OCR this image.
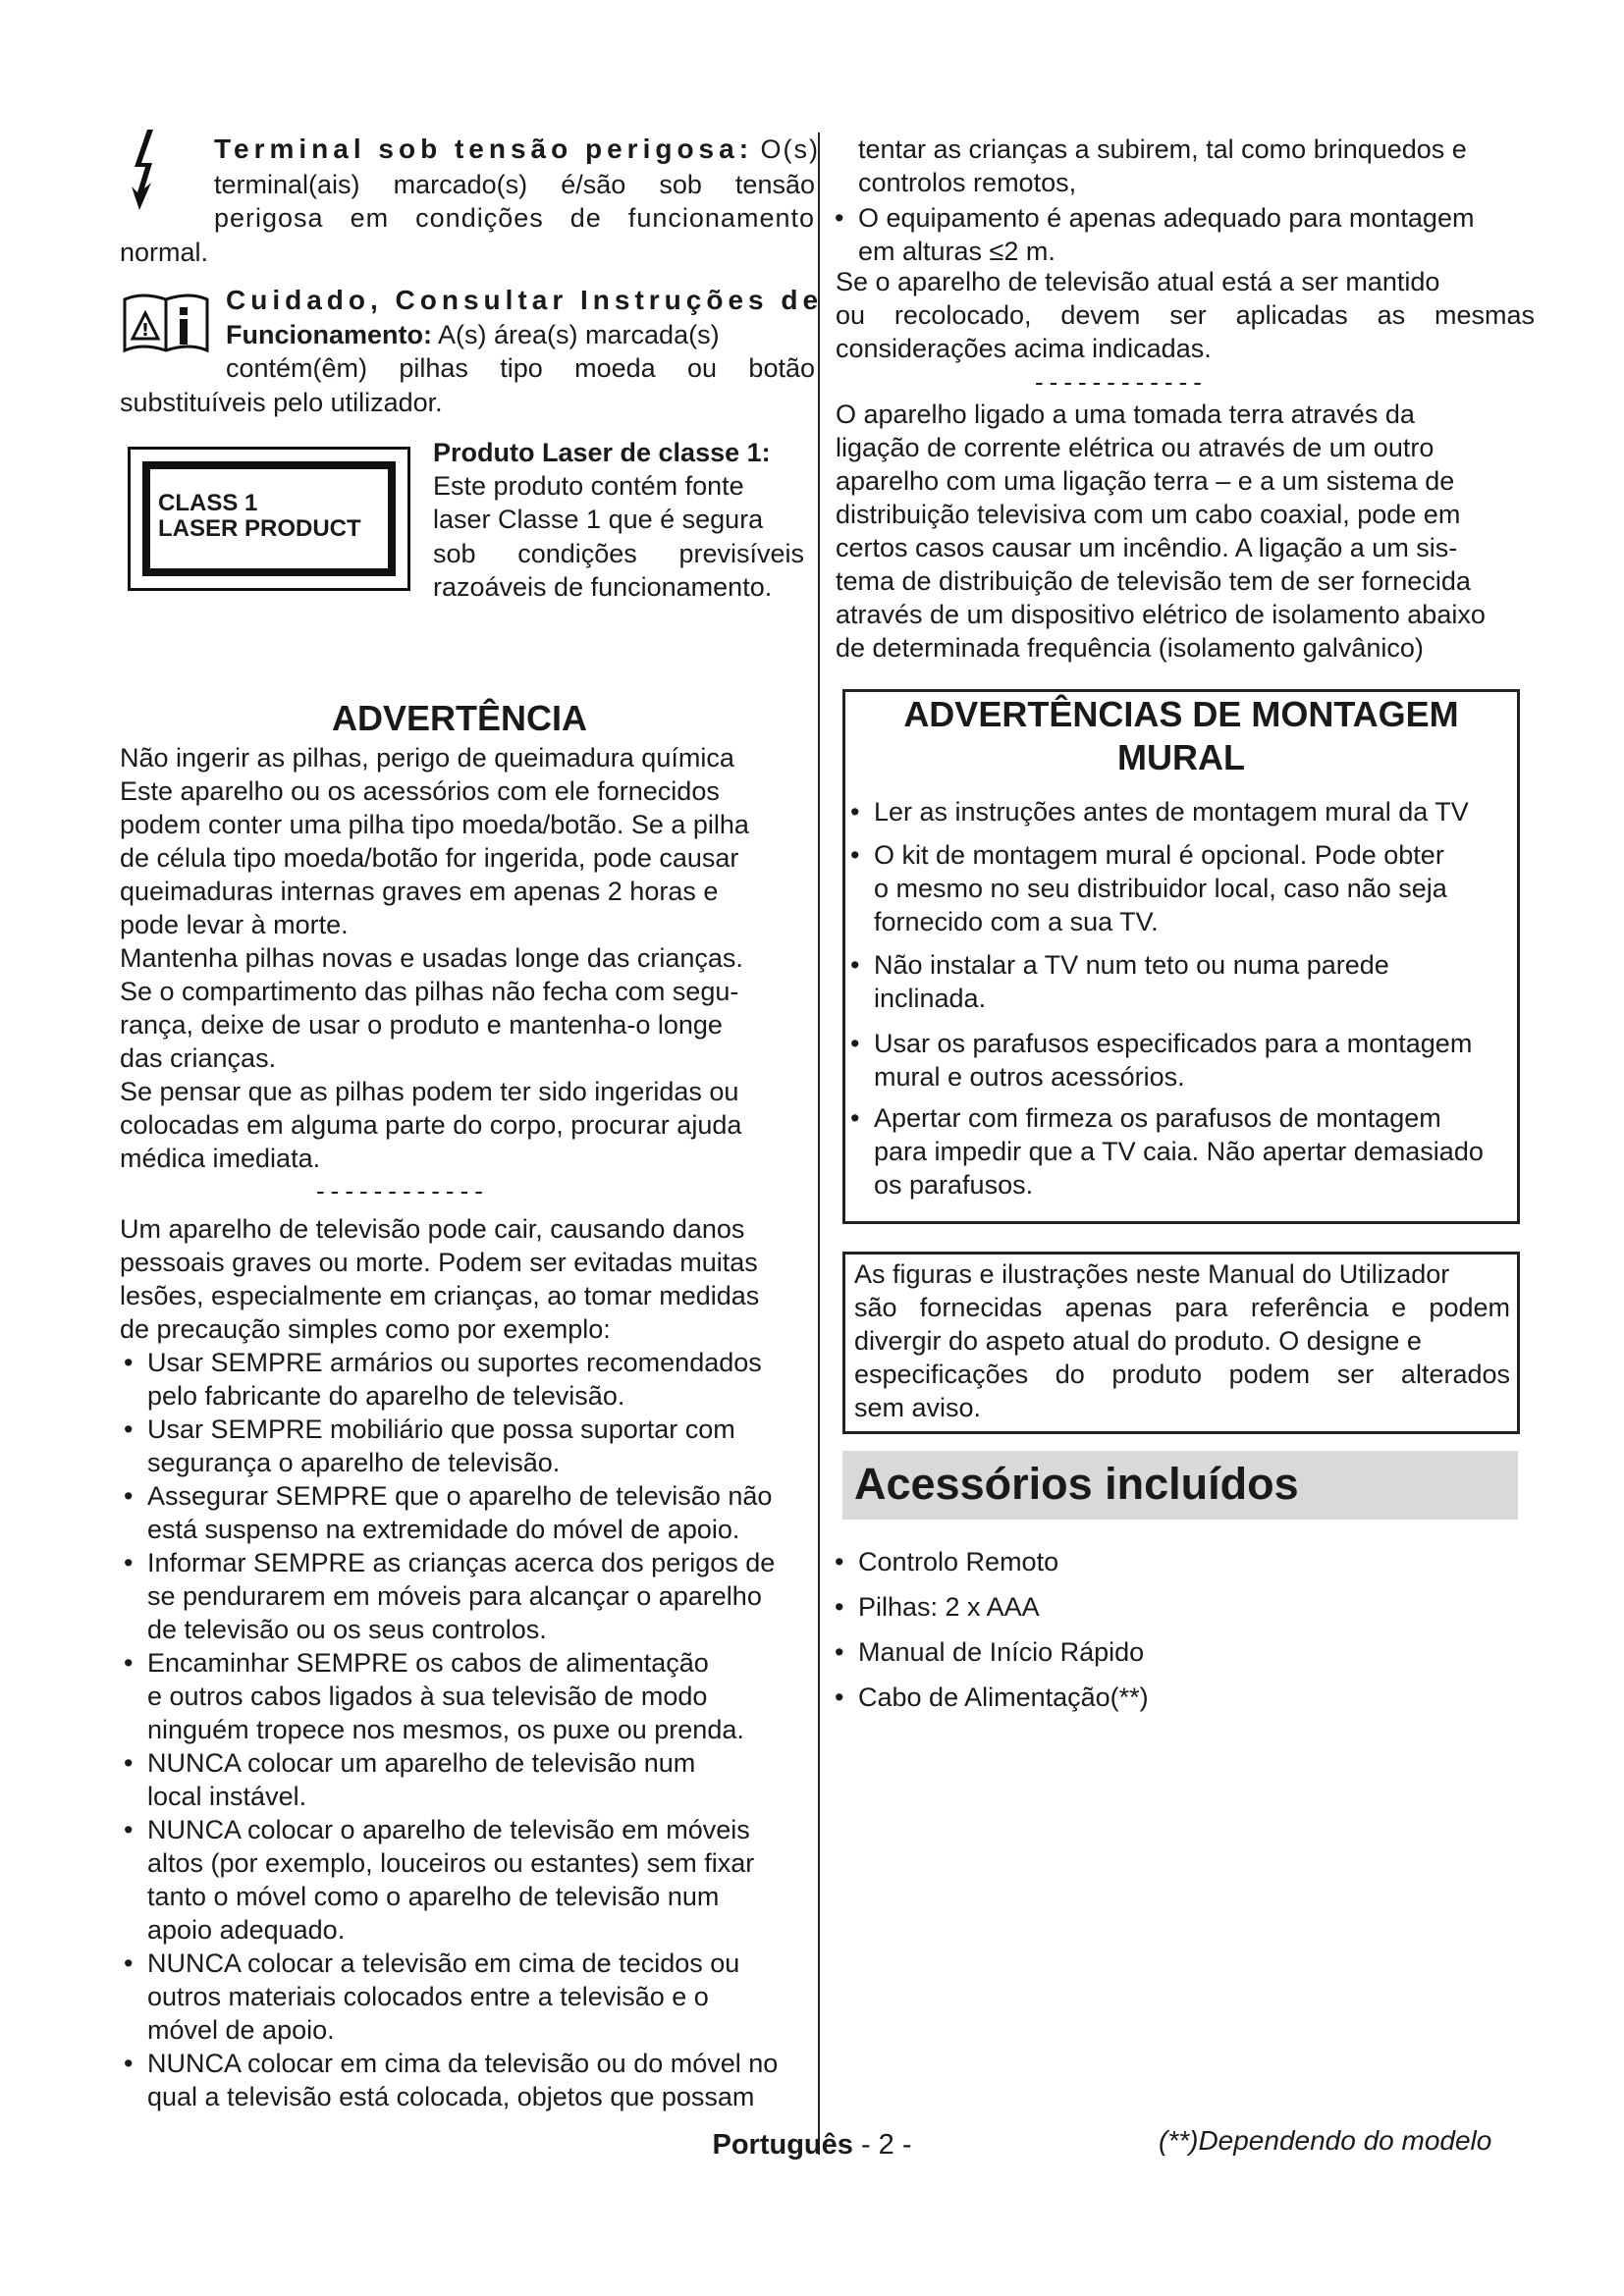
Terminal sob tensão perigosa: O(s)
terminal(ais) marcado(s) é/são sob tensão
perigosa em condições de funcionamento
normal.
!
Cuidado, Consultar Instruções de
Funcionamento: A(s) área(s) marcada(s)
contém(êm) pilhas tipo moeda ou botão
substituíveis pelo utilizador.
CLASS 1
LASER PRODUCT
Produto Laser de classe 1:
Este produto contém fonte
laser Classe 1 que é segura
sob condições previsíveis
razoáveis de funcionamento.
ADVERTÊNCIA
Não ingerir as pilhas, perigo de queimadura química
Este aparelho ou os acessórios com ele fornecidos
podem conter uma pilha tipo moeda/botão. Se a pilha
de célula tipo moeda/botão for ingerida, pode causar
queimaduras internas graves em apenas 2 horas e
pode levar à morte.
Mantenha pilhas novas e usadas longe das crianças.
Se o compartimento das pilhas não fecha com segu-
rança, deixe de usar o produto e mantenha-o longe
das crianças.
Se pensar que as pilhas podem ter sido ingeridas ou
colocadas em alguma parte do corpo, procurar ajuda
médica imediata.
------------
Um aparelho de televisão pode cair, causando danos
pessoais graves ou morte. Podem ser evitadas muitas
lesões, especialmente em crianças, ao tomar medidas
de precaução simples como por exemplo:
• Usar SEMPRE armários ou suportes recomendados
pelo fabricante do aparelho de televisão.
• Usar SEMPRE mobiliário que possa suportar com
segurança o aparelho de televisão.
• Assegurar SEMPRE que o aparelho de televisão não
está suspenso na extremidade do móvel de apoio.
• Informar SEMPRE as crianças acerca dos perigos de
se pendurarem em móveis para alcançar o aparelho
de televisão ou os seus controlos.
• Encaminhar SEMPRE os cabos de alimentação
e outros cabos ligados à sua televisão de modo
ninguém tropece nos mesmos, os puxe ou prenda.
• NUNCA colocar um aparelho de televisão num
local instável.
• NUNCA colocar o aparelho de televisão em móveis
altos (por exemplo, louceiros ou estantes) sem fixar
tanto o móvel como o aparelho de televisão num
apoio adequado.
• NUNCA colocar a televisão em cima de tecidos ou
outros materiais colocados entre a televisão e o
móvel de apoio.
• NUNCA colocar em cima da televisão ou do móvel no
qual a televisão está colocada, objetos que possam
tentar as crianças a subirem, tal como brinquedos e
controlos remotos,
• O equipamento é apenas adequado para montagem
em alturas ≤2 m.
Se o aparelho de televisão atual está a ser mantido
ou recolocado, devem ser aplicadas as mesmas
considerações acima indicadas.
------------
O aparelho ligado a uma tomada terra através da
ligação de corrente elétrica ou através de um outro
aparelho com uma ligação terra – e a um sistema de
distribuição televisiva com um cabo coaxial, pode em
certos casos causar um incêndio. A ligação a um sis-
tema de distribuição de televisão tem de ser fornecida
através de um dispositivo elétrico de isolamento abaixo
de determinada frequência (isolamento galvânico)
ADVERTÊNCIAS DE MONTAGEM
MURAL
• Ler as instruções antes de montagem mural da TV
• O kit de montagem mural é opcional. Pode obter
o mesmo no seu distribuidor local, caso não seja
fornecido com a sua TV.
• Não instalar a TV num teto ou numa parede
inclinada.
• Usar os parafusos especificados para a montagem
mural e outros acessórios.
• Apertar com firmeza os parafusos de montagem
para impedir que a TV caia. Não apertar demasiado
os parafusos.
As figuras e ilustrações neste Manual do Utilizador
são fornecidas apenas para referência e podem
divergir do aspeto atual do produto. O designe e
especificações do produto podem ser alterados
sem aviso.
Acessórios incluídos
• Controlo Remoto
• Pilhas: 2 x AAA
• Manual de Início Rápido
• Cabo de Alimentação(**)
(**)Dependendo do modelo
Português - 2 -
